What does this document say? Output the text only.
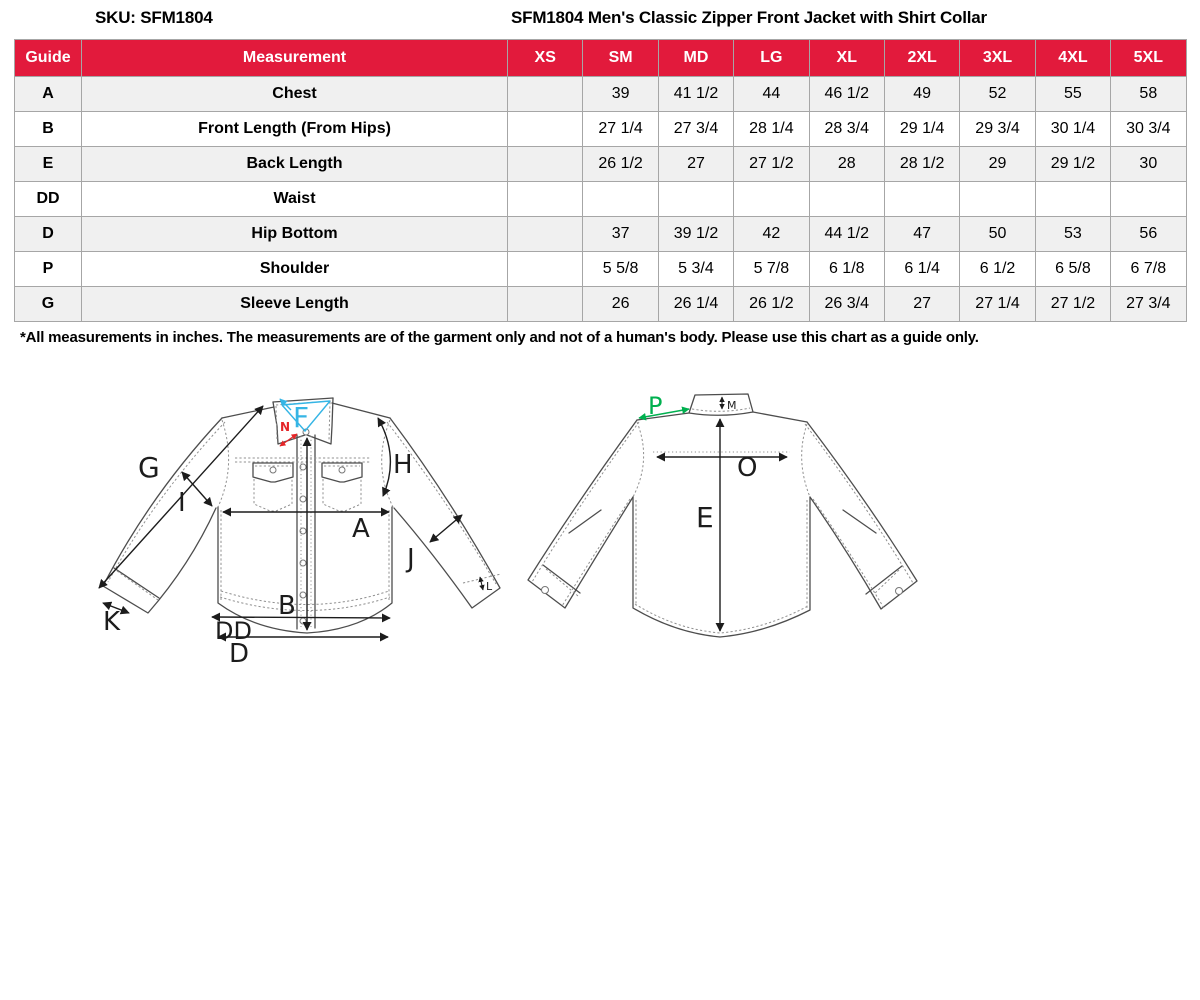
SKU: SFM1804	SFM1804 Men's Classic Zipper Front Jacket with Shirt Collar
Guide	Measurement	XS	SM	MD	LG	XL	2XL	3XL	4XL	5XL
A	Chest		39	41 1/2	44	46 1/2	49	52	55	58
B	Front Length (From Hips)		27 1/4	27 3/4	28 1/4	28 3/4	29 1/4	29 3/4	30 1/4	30 3/4
E	Back Length		26 1/2	27	27 1/2	28	28 1/2	29	29 1/2	30
DD	Waist									
D	Hip Bottom		37	39 1/2	42	44 1/2	47	50	53	56
P	Shoulder		5 5/8	5 3/4	5 7/8	6 1/8	6 1/4	6 1/2	6 5/8	6 7/8
G	Sleeve Length		26	26 1/4	26 1/2	26 3/4	27	27 1/4	27 1/2	27 3/4
*All measurements in inches. The measurements are of the garment only and not of a human's body. Please use this chart as a guide only.
G
I
F
N
H
A
J
K
B
DD
D
L
P	M
O
E
